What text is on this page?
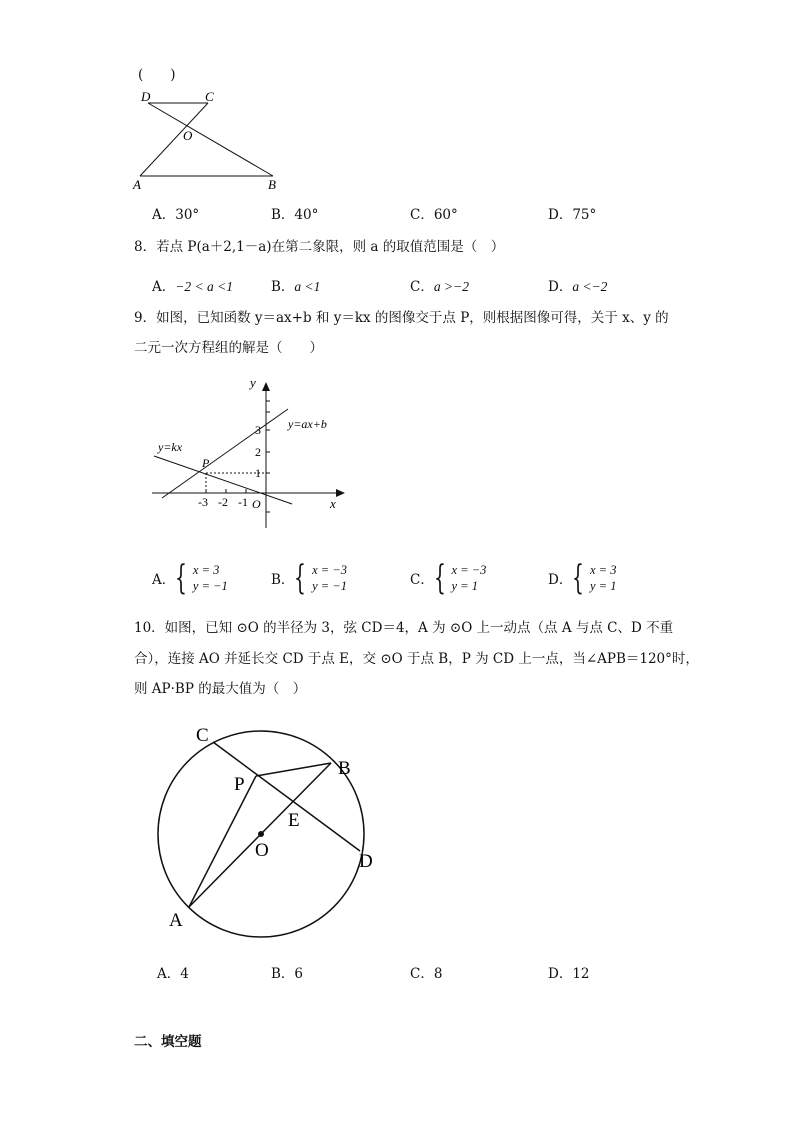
(　　)
D	C
O
A	B
A．30°	B．40°	C．60°	D．75°
8．若点 P(a＋2,1－a)在第二象限，则 a 的取值范围是（　）
A．−2 < a <1	B．a <1	C．a >−2	D．a <−2
9．如图，已知函数 y＝ax+b 和 y＝kx 的图像交于点 P，则根据图像可得，关于 x、y 的
二元一次方程组的解是（　　）
y
x
O
3
2
1
-3 -2 -1
y=ax+b
y=kx
P
A． { x = 3
y = −1	B． { x = −3
y = −1	C． { x = −3
y = 1	D． { x = 3
y = 1
10．如图，已知 ⊙O 的半径为 3，弦 CD＝4，A 为 ⊙O 上一动点（点 A 与点 C、D 不重
合），连接 AO 并延长交 CD 于点 E，交 ⊙O 于点 B，P 为 CD 上一点，当∠APB＝120°时，
则 AP·BP 的最大值为（　）
C
B
P
E
O
D
A
A．4	B．6	C．8	D．12
二、填空题
